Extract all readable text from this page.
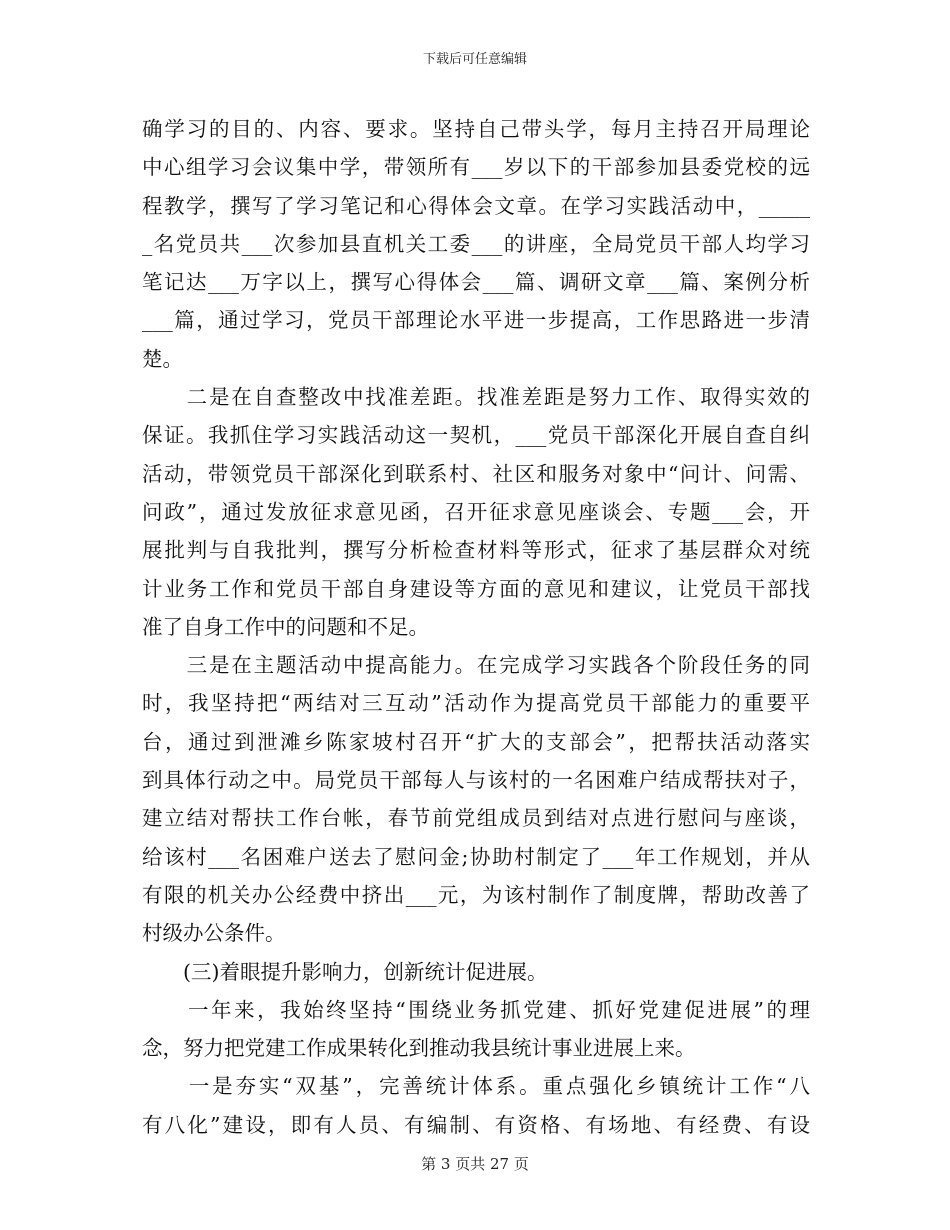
下载后可任意编辑
确学习的目的、内容、要求。坚持自己带头学，每月主持召开局理论
中心组学习会议集中学，带领所有___岁以下的干部参加县委党校的远
程教学，撰写了学习笔记和心得体会文章。在学习实践活动中，_____
_名党员共___次参加县直机关工委___的讲座，全局党员干部人均学习
笔记达___万字以上，撰写心得体会___篇、调研文章___篇、案例分析
___篇，通过学习，党员干部理论水平进一步提高，工作思路进一步清
楚。
　　二是在自查整改中找准差距。找准差距是努力工作、取得实效的
保证。我抓住学习实践活动这一契机，___党员干部深化开展自查自纠
活动，带领党员干部深化到联系村、社区和服务对象中“问计、问需、
问政”，通过发放征求意见函，召开征求意见座谈会、专题___会，开
展批判与自我批判，撰写分析检查材料等形式，征求了基层群众对统
计业务工作和党员干部自身建设等方面的意见和建议，让党员干部找
准了自身工作中的问题和不足。
　　三是在主题活动中提高能力。在完成学习实践各个阶段任务的同
时，我坚持把“两结对三互动”活动作为提高党员干部能力的重要平
台，通过到泄滩乡陈家坡村召开“扩大的支部会”，把帮扶活动落实
到具体行动之中。局党员干部每人与该村的一名困难户结成帮扶对子，
建立结对帮扶工作台帐，春节前党组成员到结对点进行慰问与座谈，
给该村___名困难户送去了慰问金;协助村制定了___年工作规划，并从
有限的机关办公经费中挤出___元，为该村制作了制度牌，帮助改善了
村级办公条件。
　　(三)着眼提升影响力，创新统计促进展。
　　一年来，我始终坚持“围绕业务抓党建、抓好党建促进展”的理
念，努力把党建工作成果转化到推动我县统计事业进展上来。
　　一是夯实“双基”，完善统计体系。重点强化乡镇统计工作“八
有八化”建设，即有人员、有编制、有资格、有场地、有经费、有设
第 3 页共 27 页
